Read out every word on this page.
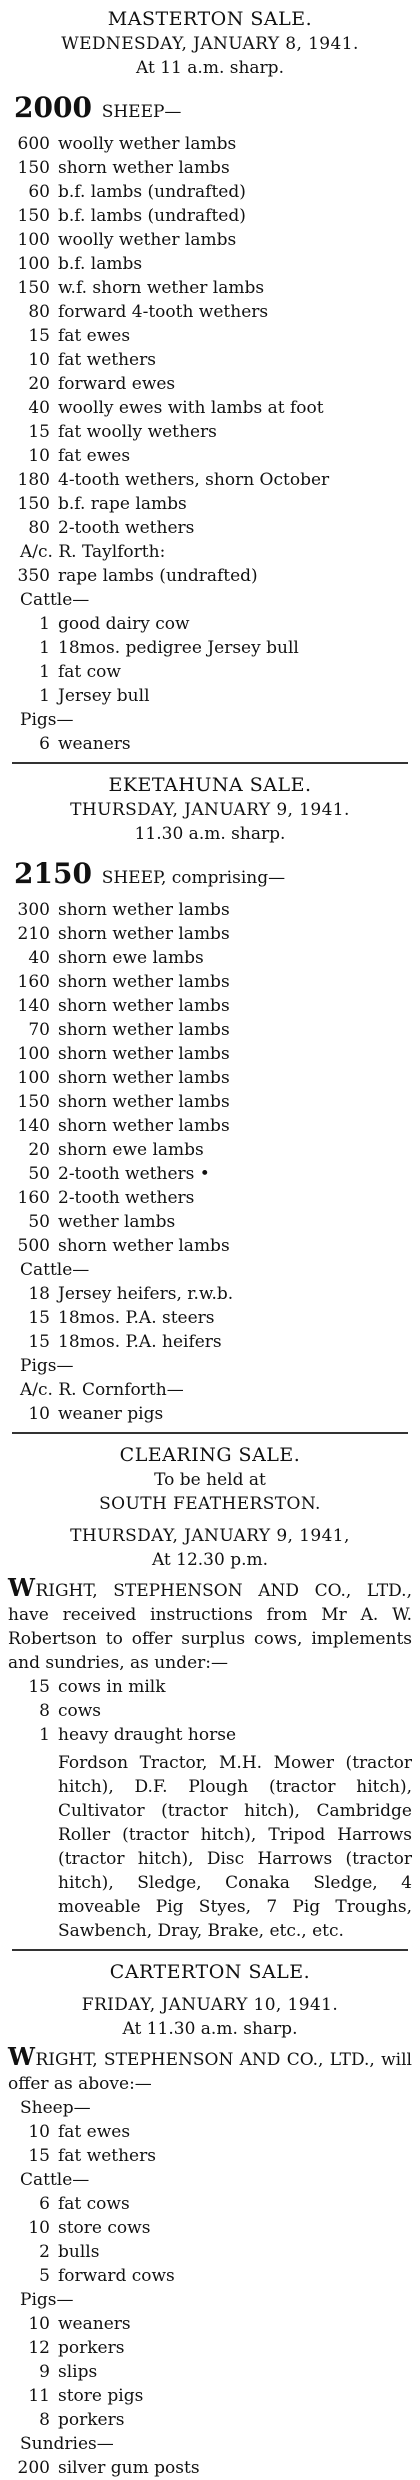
MASTERTON SALE.
WEDNESDAY, JANUARY 8, 1941.
At 11 a.m. sharp.
2000 SHEEP—
600 woolly wether lambs
150 shorn wether lambs
60 b.f. lambs (undrafted)
150 b.f. lambs (undrafted)
100 woolly wether lambs
100 b.f. lambs
150 w.f. shorn wether lambs
80 forward 4-tooth wethers
15 fat ewes
10 fat wethers
20 forward ewes
40 woolly ewes with lambs at foot
15 fat woolly wethers
10 fat ewes
180 4-tooth wethers, shorn October
150 b.f. rape lambs
80 2-tooth wethers
A/c. R. Taylforth:
350 rape lambs (undrafted)
Cattle—
1 good dairy cow
1 18mos. pedigree Jersey bull
1 fat cow
1 Jersey bull
Pigs—
6 weaners
EKETAHUNA SALE.
THURSDAY, JANUARY 9, 1941.
11.30 a.m. sharp.
2150 SHEEP, comprising—
300 shorn wether lambs
210 shorn wether lambs
40 shorn ewe lambs
160 shorn wether lambs
140 shorn wether lambs
70 shorn wether lambs
100 shorn wether lambs
100 shorn wether lambs
150 shorn wether lambs
140 shorn wether lambs
20 shorn ewe lambs
50 2-tooth wethers •
160 2-tooth wethers
50 wether lambs
500 shorn wether lambs
Cattle—
18 Jersey heifers, r.w.b.
15 18mos. P.A. steers
15 18mos. P.A. heifers
Pigs—
A/c. R. Cornforth—
10 weaner pigs
CLEARING SALE.
To be held at
SOUTH FEATHERSTON.
THURSDAY, JANUARY 9, 1941,
At 12.30 p.m.
WRIGHT, STEPHENSON AND CO., LTD., have received instructions from Mr A. W. Robertson to offer surplus cows, implements and sundries, as under:—
15 cows in milk
8 cows
1 heavy draught horse
Fordson Tractor, M.H. Mower (tractor hitch), D.F. Plough (tractor hitch), Cultivator (tractor hitch), Cambridge Roller (tractor hitch), Tripod Harrows (tractor hitch), Disc Harrows (tractor hitch), Sledge, Conaka Sledge, 4 moveable Pig Styes, 7 Pig Troughs, Sawbench, Dray, Brake, etc., etc.
CARTERTON SALE.
FRIDAY, JANUARY 10, 1941.
At 11.30 a.m. sharp.
WRIGHT, STEPHENSON AND CO., LTD., will offer as above:—
Sheep—
10 fat ewes
15 fat wethers
Cattle—
6 fat cows
10 store cows
2 bulls
5 forward cows
Pigs—
10 weaners
12 porkers
9 slips
11 store pigs
8 porkers
Sundries—
200 silver gum posts
